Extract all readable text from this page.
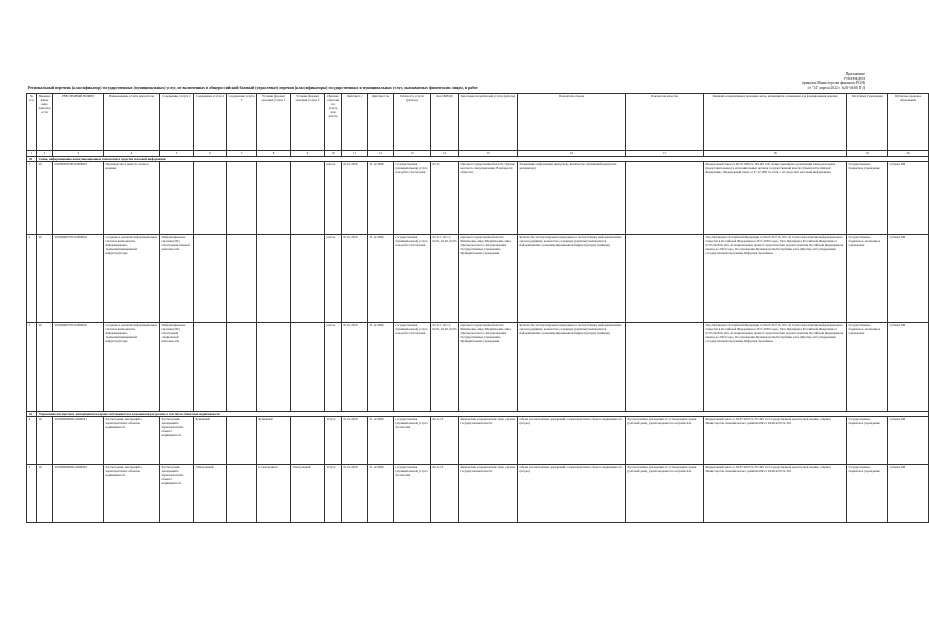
Приложение
УТВЕРЖДЕН
приказом Министерства финансов РС(Я)
от "14" апреля 2022 г. №01-04/60 П-Д
Региональный перечень (классификатор) государственных (муниципальных) услуг, не включенных в общероссийский базовый (отраслевые) перечни (классификаторы) государственных и муниципальных услуг, оказываемых физическим лицам, и работ
№ п/п	Наименование вида деятельности	РЕЕСТРОВЫЙ НОМЕР	Наименование услуги или работы	Содержание услуги 1	Содержание услуги 2	Содержание услуги 3	Условия (формы) оказания услуги 1	Условия (формы) оказания услуги 2	Признак отнесения к услуге или работе	Действует с	Действует по	Платность услуги (работы)	Код ОКВЭД	Категории потребителей услуги (работы)	Показатели объема	Показатели качества	Реквизиты нормативных правовых актов, являющихся основанием для формирования перечня	Тип (типы) учреждения	Публично-правовое образование
1	2	3	4	5	6	7	8	9	10	11	12	13	14	15	16	17	18	19	20
20	Связь, информационно-коммуникационные технологии и средства массовой информации																		
1	20	201000000706312000001	Производство и выпуск сетевого издания						работа	01.01.2020	31.12.2099	государственная (муниципальная) услуга или работа бесплатная	63.12	Органы государственной власти; Органы местного самоуправления; В интересах общества	Размещение информации (выпусков), Количество публикаций (выпусков, материалов)		Федеральный закон от 06.10.1999 № 184-ФЗ «Об общих принципах организации законодательных (представительных) и исполнительных органов государственной власти субъектов Российской Федерации»; Федеральный закон от 27.12.1991 № 2124-1 «О средствах массовой информации»	Государственное бюджетное учреждение	Субъект РФ
2	20	201000000705312000043	Создание и развитие информационных систем и компонентов информационно-телекоммуникационной инфраструктуры	Информационные системы (ИС) обеспечения типовой деятельности					работа	01.01.2020	31.12.2099	государственная (муниципальная) услуга или работа бесплатная	63.11.1, 63.11, 62.01, 62.02, 62.03	Органы государственной власти; Физические лица; Юридические лица; Органы местного самоуправления; Государственные учреждения; Муниципальные учреждения	Количество эксплуатируемых (введенных в эксплуатацию) информационных систем (единица), количество созданных (развитых) компонентов информационно-телекоммуникационной инфраструктуры (единица)		Указ Президента Российской Федерации от 09.05.2017 № 203 «О Стратегии развития информационного общества в Российской Федерации на 2017-2030 годы»; Указ Президента Российской Федерации от 07.05.2018 № 204 «О национальных целях и стратегических задачах развития Российской Федерации на период до 2024 года»; Постановление Правительства Республики Саха (Якутия) «Об утверждении государственной программы Цифровая экономика»	Государственное бюджетное, автономное учреждение	Субъект РФ
3	20	201000000705312000045	Создание и развитие информационных систем и компонентов информационно-телекоммуникационной инфраструктуры	Информационные системы (ИС) обеспечения специальной деятельности					работа	01.01.2020	31.12.2099	государственная (муниципальная) услуга или работа бесплатная	63.11.1, 63.11, 62.01, 62.02, 62.03	Органы государственной власти; Физические лица; Юридические лица; Органы местного самоуправления; Государственные учреждения; Муниципальные учреждения	Количество эксплуатируемых (введенных в эксплуатацию) информационных систем (единица), количество созданных (развитых) компонентов информационно-телекоммуникационной инфраструктуры (единица)		Указ Президента Российской Федерации от 09.05.2017 № 203 «О Стратегии развития информационного общества в Российской Федерации на 2017-2030 годы»; Указ Президента Российской Федерации от 07.05.2018 № 204 «О национальных целях и стратегических задачах развития Российской Федерации на период до 2024 года»; Постановление Правительства Республики Саха (Якутия) «Об утверждении государственной программы Цифровая экономика»	Государственное бюджетное, автономное учреждение	Субъект РФ
16	Управление имуществом, находящимся на праве собственности и земельными ресурсами, в том числе объектами недвижимости																		
4	16	201000000684112000041	Рассмотрение деклараций о характеристиках объектов недвижимости	Рассмотрение деклараций о характеристиках объекта недвижимости	Бумажный		Бумажный		Услуга	01.01.2020	31.12.2099	государственная (муниципальная) услуга бесплатная	84.11.13	физические и юридические лица, органы государственной власти	Объем рассмотренных деклараций о характеристиках объекта недвижимости (штука)	Рассмотренные декларации об установлении сроков (рабочий день), удовлетворенность потребителя	Федеральный закон от 03.07.2016 № 237-ФЗ «О государственной кадастровой оценке»; Приказ Министерства экономического развития РФ от 04.06.2019 № 318	Государственное бюджетное учреждение	Субъект РФ
5	16	201000000684112000042	Рассмотрение деклараций о характеристиках объектов недвижимости	Рассмотрение деклараций о характеристиках объекта недвижимости	Электронный		в электронном	Электронный	Услуга	01.01.2020	31.12.2099	государственная (муниципальная) услуга бесплатная	84.11.13	физические и юридические лица, органы государственной власти	Объем рассмотренных деклараций о характеристиках объекта недвижимости (штука)	Рассмотренные декларации об установлении сроков (рабочий день), удовлетворенность потребителя	Федеральный закон от 03.07.2016 № 237-ФЗ «О государственной кадастровой оценке»; Приказ Министерства экономического развития РФ от 04.06.2019 № 318	Государственное бюджетное учреждение	Субъект РФ
